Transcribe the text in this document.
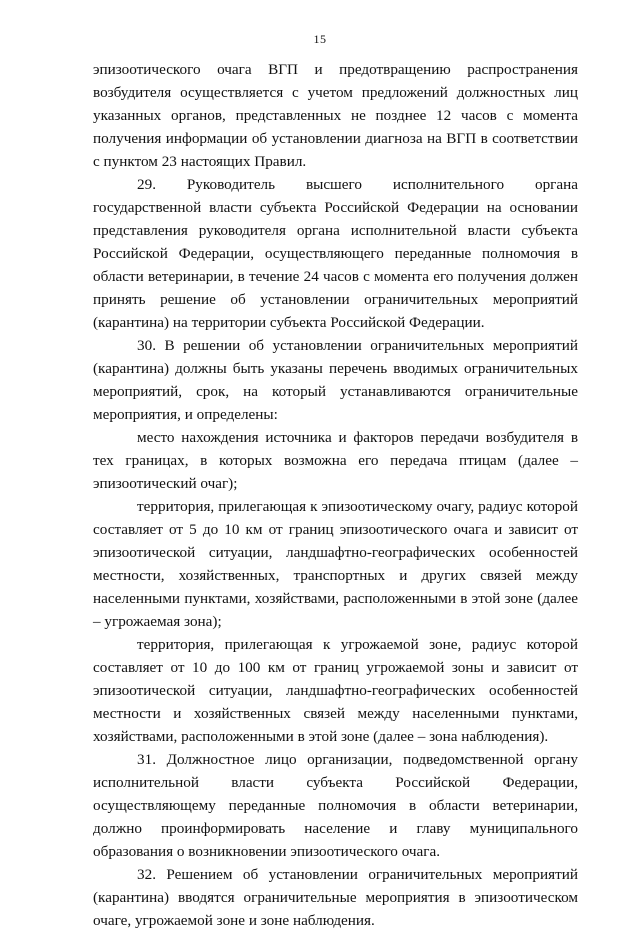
15

эпизоотического очага ВГП и предотвращению распространения возбудителя осуществляется с учетом предложений должностных лиц указанных органов, представленных не позднее 12 часов с момента получения информации об установлении диагноза на ВГП в соответствии с пунктом 23 настоящих Правил.

29. Руководитель высшего исполнительного органа государственной власти субъекта Российской Федерации на основании представления руководителя органа исполнительной власти субъекта Российской Федерации, осуществляющего переданные полномочия в области ветеринарии, в течение 24 часов с момента его получения должен принять решение об установлении ограничительных мероприятий (карантина) на территории субъекта Российской Федерации.

30. В решении об установлении ограничительных мероприятий (карантина) должны быть указаны перечень вводимых ограничительных мероприятий, срок, на который устанавливаются ограничительные мероприятия, и определены:

место нахождения источника и факторов передачи возбудителя в тех границах, в которых возможна его передача птицам (далее – эпизоотический очаг);

территория, прилегающая к эпизоотическому очагу, радиус которой составляет от 5 до 10 км от границ эпизоотического очага и зависит от эпизоотической ситуации, ландшафтно-географических особенностей местности, хозяйственных, транспортных и других связей между населенными пунктами, хозяйствами, расположенными в этой зоне (далее – угрожаемая зона);

территория, прилегающая к угрожаемой зоне, радиус которой составляет от 10 до 100 км от границ угрожаемой зоны и зависит от эпизоотической ситуации, ландшафтно-географических особенностей местности и хозяйственных связей между населенными пунктами, хозяйствами, расположенными в этой зоне (далее – зона наблюдения).

31. Должностное лицо организации, подведомственной органу исполнительной власти субъекта Российской Федерации, осуществляющему переданные полномочия в области ветеринарии, должно проинформировать население и главу муниципального образования о возникновении эпизоотического очага.

32. Решением об установлении ограничительных мероприятий (карантина) вводятся ограничительные мероприятия в эпизоотическом очаге, угрожаемой зоне и зоне наблюдения.
